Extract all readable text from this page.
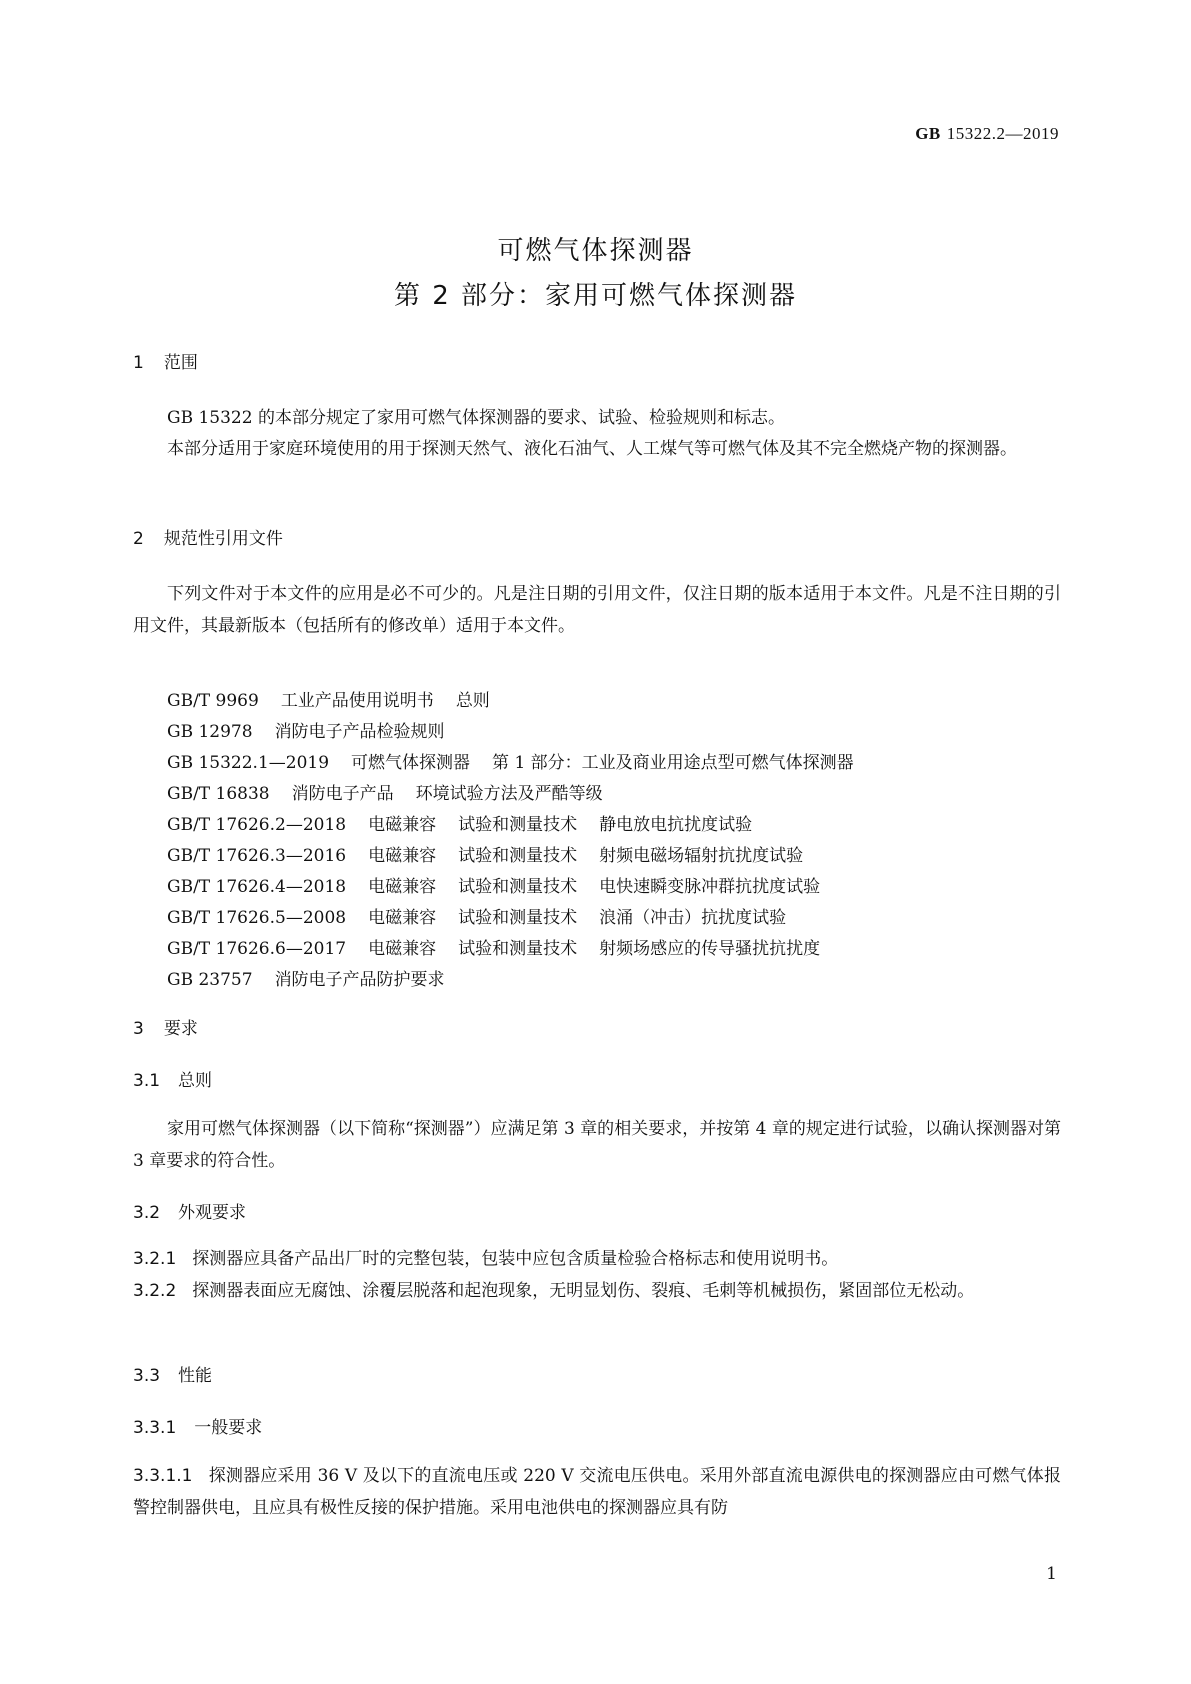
GB 15322.2—2019
可燃气体探测器
第 2 部分：家用可燃气体探测器
1 范围

GB 15322 的本部分规定了家用可燃气体探测器的要求、试验、检验规则和标志。

本部分适用于家庭环境使用的用于探测天然气、液化石油气、人工煤气等可燃气体及其不完全燃烧产物的探测器。

2 规范性引用文件

下列文件对于本文件的应用是必不可少的。凡是注日期的引用文件，仅注日期的版本适用于本文件。凡是不注日期的引用文件，其最新版本（包括所有的修改单）适用于本文件。

GB/T 9969 工业产品使用说明书 总则
GB 12978 消防电子产品检验规则
GB 15322.1—2019 可燃气体探测器 第 1 部分：工业及商业用途点型可燃气体探测器
GB/T 16838 消防电子产品 环境试验方法及严酷等级
GB/T 17626.2—2018 电磁兼容 试验和测量技术 静电放电抗扰度试验
GB/T 17626.3—2016 电磁兼容 试验和测量技术 射频电磁场辐射抗扰度试验
GB/T 17626.4—2018 电磁兼容 试验和测量技术 电快速瞬变脉冲群抗扰度试验
GB/T 17626.5—2008 电磁兼容 试验和测量技术 浪涌（冲击）抗扰度试验
GB/T 17626.6—2017 电磁兼容 试验和测量技术 射频场感应的传导骚扰抗扰度
GB 23757 消防电子产品防护要求
3 要求
3.1 总则

家用可燃气体探测器（以下简称“探测器”）应满足第 3 章的相关要求，并按第 4 章的规定进行试验，以确认探测器对第 3 章要求的符合性。

3.2 外观要求

3.2.1 探测器应具备产品出厂时的完整包装，包装中应包含质量检验合格标志和使用说明书。

3.2.2 探测器表面应无腐蚀、涂覆层脱落和起泡现象，无明显划伤、裂痕、毛刺等机械损伤，紧固部位无松动。

3.3 性能
3.3.1 一般要求

3.3.1.1 探测器应采用 36 V 及以下的直流电压或 220 V 交流电压供电。采用外部直流电源供电的探测器应由可燃气体报警控制器供电，且应具有极性反接的保护措施。采用电池供电的探测器应具有防

1
